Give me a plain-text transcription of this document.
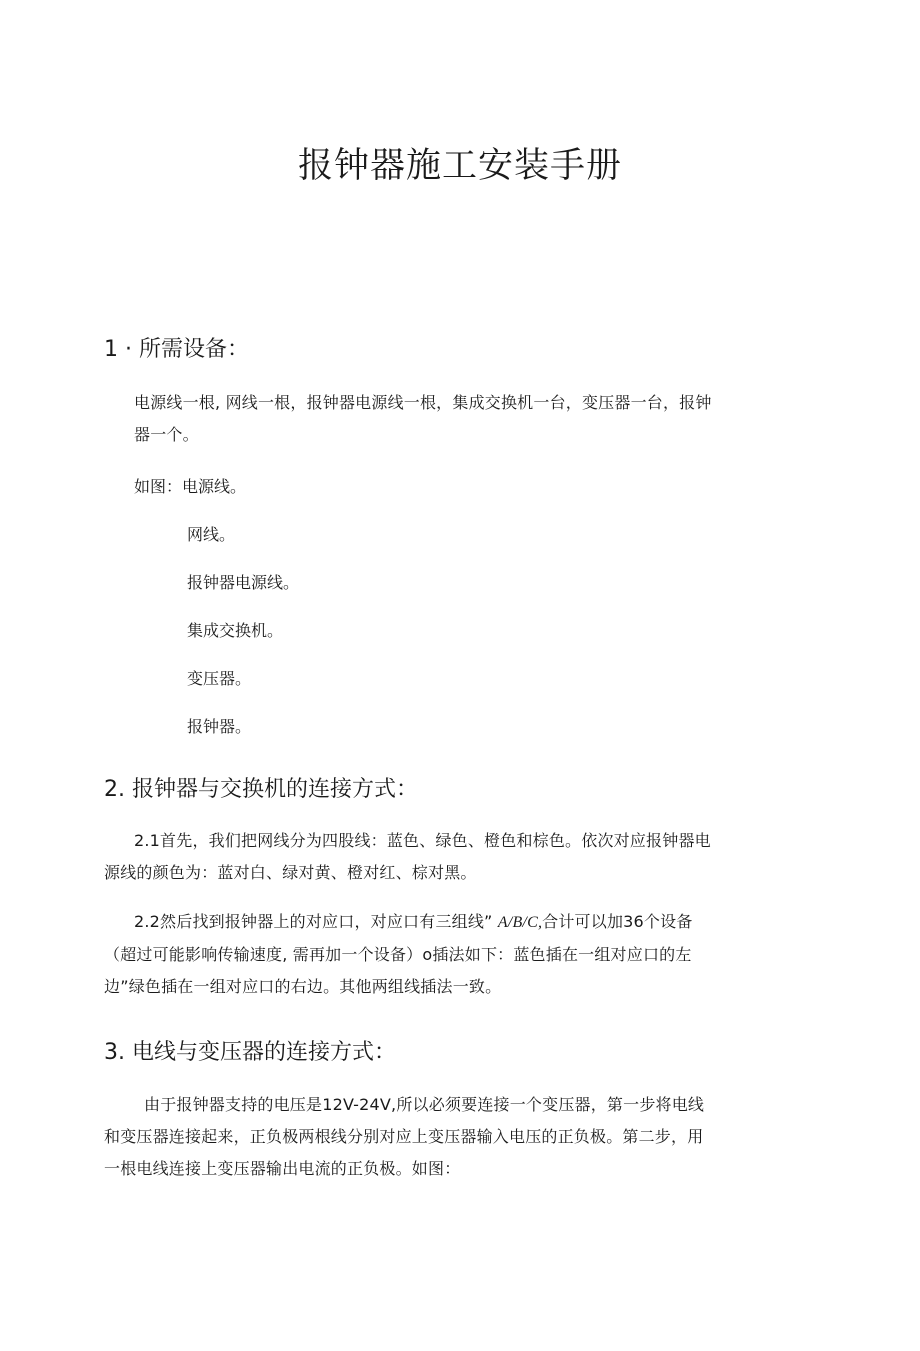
报钟器施工安装手册
1 · 所需设备：

电源线一根, 网线一根，报钟器电源线一根，集成交换机一台，变压器一台，报钟
器一个。

如图：电源线。

网线。

报钟器电源线。

集成交换机。

变压器。

报钟器。

2. 报钟器与交换机的连接方式：

2.1首先，我们把网线分为四股线：蓝色、绿色、橙色和棕色。依次对应报钟器电
源线的颜色为：蓝对白、绿对黄、橙对红、棕对黑。

2.2然后找到报钟器上的对应口，对应口有三组线” A/B/C,合计可以加36个设备
（超过可能影响传输速度, 需再加一个设备）o插法如下：蓝色插在一组对应口的左
边”绿色插在一组对应口的右边。其他两组线插法一致。

3. 电线与变压器的连接方式：

由于报钟器支持的电压是12V-24V,所以必须要连接一个变压器，第一步将电线
和变压器连接起来，正负极两根线分别对应上变压器输入电压的正负极。第二步，用
一根电线连接上变压器输出电流的正负极。如图：
